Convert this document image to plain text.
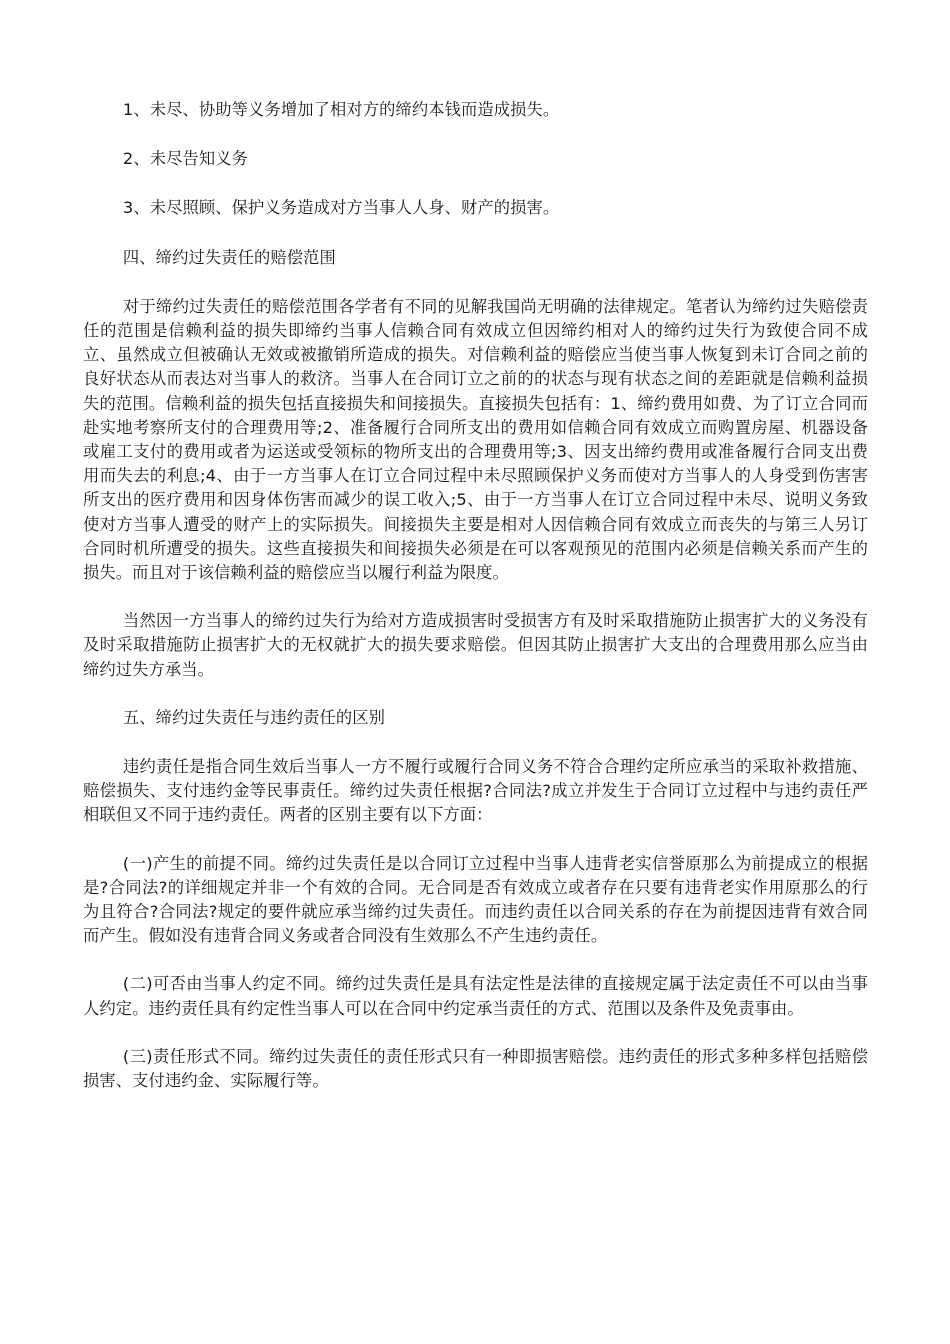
1、未尽、协助等义务增加了相对方的缔约本钱而造成损失。

2、未尽告知义务

3、未尽照顾、保护义务造成对方当事人人身、财产的损害。

四、缔约过失责任的赔偿范围

对于缔约过失责任的赔偿范围各学者有不同的见解我国尚无明确的法律规定。笔者认为缔约过失赔偿责任的范围是信赖利益的损失即缔约当事人信赖合同有效成立但因缔约相对人的缔约过失行为致使合同不成立、虽然成立但被确认无效或被撤销所造成的损失。对信赖利益的赔偿应当使当事人恢复到未订合同之前的良好状态从而表达对当事人的救济。当事人在合同订立之前的的状态与现有状态之间的差距就是信赖利益损失的范围。信赖利益的损失包括直接损失和间接损失。直接损失包括有：1、缔约费用如费、为了订立合同而赴实地考察所支付的合理费用等;2、准备履行合同所支出的费用如信赖合同有效成立而购置房屋、机器设备或雇工支付的费用或者为运送或受领标的物所支出的合理费用等;3、因支出缔约费用或准备履行合同支出费用而失去的利息;4、由于一方当事人在订立合同过程中未尽照顾保护义务而使对方当事人的人身受到伤害害所支出的医疗费用和因身体伤害而减少的误工收入;5、由于一方当事人在订立合同过程中未尽、说明义务致使对方当事人遭受的财产上的实际损失。间接损失主要是相对人因信赖合同有效成立而丧失的与第三人另订合同时机所遭受的损失。这些直接损失和间接损失必须是在可以客观预见的范围内必须是信赖关系而产生的损失。而且对于该信赖利益的赔偿应当以履行利益为限度。

当然因一方当事人的缔约过失行为给对方造成损害时受损害方有及时采取措施防止损害扩大的义务没有及时采取措施防止损害扩大的无权就扩大的损失要求赔偿。但因其防止损害扩大支出的合理费用那么应当由缔约过失方承当。

五、缔约过失责任与违约责任的区别

违约责任是指合同生效后当事人一方不履行或履行合同义务不符合合理约定所应承当的采取补救措施、赔偿损失、支付违约金等民事责任。缔约过失责任根据?合同法?成立并发生于合同订立过程中与违约责任严相联但又不同于违约责任。两者的区别主要有以下方面：

(一)产生的前提不同。缔约过失责任是以合同订立过程中当事人违背老实信誉原那么为前提成立的根据是?合同法?的详细规定并非一个有效的合同。无合同是否有效成立或者存在只要有违背老实作用原那么的行为且符合?合同法?规定的要件就应承当缔约过失责任。而违约责任以合同关系的存在为前提因违背有效合同而产生。假如没有违背合同义务或者合同没有生效那么不产生违约责任。

(二)可否由当事人约定不同。缔约过失责任是具有法定性是法律的直接规定属于法定责任不可以由当事人约定。违约责任具有约定性当事人可以在合同中约定承当责任的方式、范围以及条件及免责事由。

(三)责任形式不同。缔约过失责任的责任形式只有一种即损害赔偿。违约责任的形式多种多样包括赔偿损害、支付违约金、实际履行等。
